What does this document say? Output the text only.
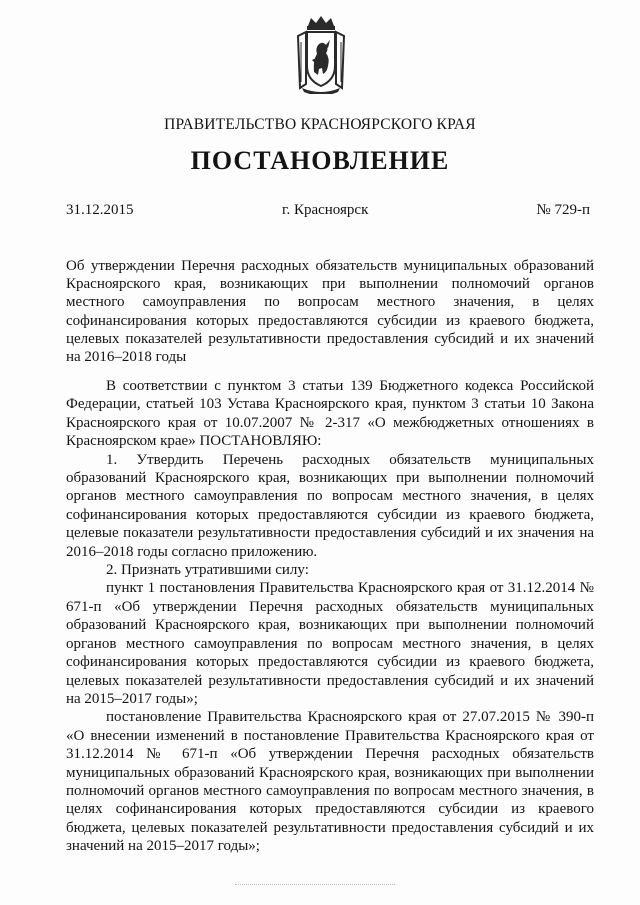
ПРАВИТЕЛЬСТВО КРАСНОЯРСКОГО КРАЯ
ПОСТАНОВЛЕНИЕ
31.12.2015	г. Красноярск	№ 729-п
Об утверждении Перечня расходных обязательств муниципальных образований Красноярского края, возникающих при выполнении полномочий органов местного самоуправления по вопросам местного значения, в целях софинансирования которых предоставляются субсидии из краевого бюджета, целевых показателей результативности предоставления субсидий и их значений на 2016–2018 годы

В соответствии с пунктом 3 статьи 139 Бюджетного кодекса Российской Федерации, статьей 103 Устава Красноярского края, пунктом 3 статьи 10 Закона Красноярского края от 10.07.2007 № 2-317 «О межбюджетных отношениях в Красноярском крае» ПОСТАНОВЛЯЮ:

1. Утвердить Перечень расходных обязательств муниципальных образований Красноярского края, возникающих при выполнении полномочий органов местного самоуправления по вопросам местного значения, в целях софинансирования которых предоставляются субсидии из краевого бюджета, целевые показатели результативности предоставления субсидий и их значения на 2016–2018 годы согласно приложению.

2. Признать утратившими силу:

пункт 1 постановления Правительства Красноярского края от 31.12.2014 № 671-п «Об утверждении Перечня расходных обязательств муниципальных образований Красноярского края, возникающих при выполнении полномочий органов местного самоуправления по вопросам местного значения, в целях софинансирования которых предоставляются субсидии из краевого бюджета, целевых показателей результативности предоставления субсидий и их значений на 2015–2017 годы»;

постановление Правительства Красноярского края от 27.07.2015 № 390-п «О внесении изменений в постановление Правительства Красноярского края от 31.12.2014 № 671-п «Об утверждении Перечня расходных обязательств муниципальных образований Красноярского края, возникающих при выполнении полномочий органов местного самоуправления по вопросам местного значения, в целях софинансирования которых предоставляются субсидии из краевого бюджета, целевых показателей результативности предоставления субсидий и их значений на 2015–2017 годы»;
